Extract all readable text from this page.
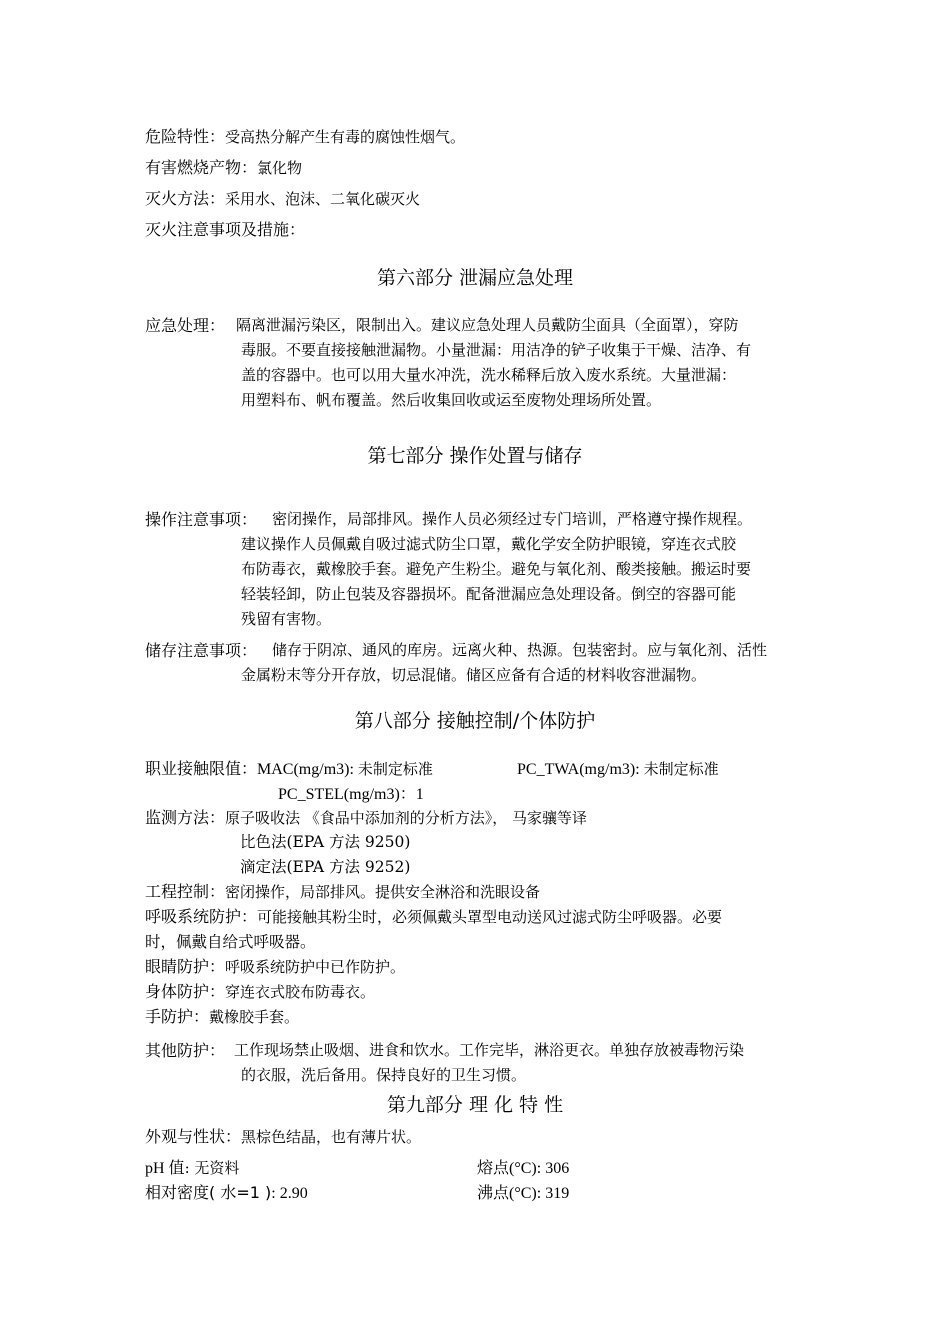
危险特性：受高热分解产生有毒的腐蚀性烟气。
有害燃烧产物：氯化物
灭火方法：采用水、泡沫、二氧化碳灭火
灭火注意事项及措施：
第六部分 泄漏应急处理
应急处理： 隔离泄漏污染区，限制出入。建议应急处理人员戴防尘面具（全面罩），穿防
毒服。不要直接接触泄漏物。小量泄漏：用洁净的铲子收集于干燥、洁净、有
盖的容器中。也可以用大量水冲洗，洗水稀释后放入废水系统。大量泄漏：
用塑料布、帆布覆盖。然后收集回收或运至废物处理场所处置。
第七部分 操作处置与储存
操作注意事项： 密闭操作，局部排风。操作人员必须经过专门培训，严格遵守操作规程。
建议操作人员佩戴自吸过滤式防尘口罩，戴化学安全防护眼镜，穿连衣式胶
布防毒衣，戴橡胶手套。避免产生粉尘。避免与氧化剂、酸类接触。搬运时要
轻装轻卸，防止包装及容器损坏。配备泄漏应急处理设备。倒空的容器可能
残留有害物。
储存注意事项： 储存于阴凉、通风的库房。远离火种、热源。包装密封。应与氧化剂、活性
金属粉末等分开存放，切忌混储。储区应备有合适的材料收容泄漏物。
第八部分 接触控制/个体防护
职业接触限值：MAC(mg/m3): 未制定标准	PC_TWA(mg/m3): 未制定标准
PC_STEL(mg/m3)：1
监测方法：原子吸收法 《食品中添加剂的分析方法》， 马家骧等译
比色法(EPA 方法 9250)
滴定法(EPA 方法 9252)
工程控制：密闭操作，局部排风。提供安全淋浴和洗眼设备
呼吸系统防护：可能接触其粉尘时，必须佩戴头罩型电动送风过滤式防尘呼吸器。必要
时，佩戴自给式呼吸器。
眼睛防护：呼吸系统防护中已作防护。
身体防护：穿连衣式胶布防毒衣。
手防护：戴橡胶手套。
其他防护： 工作现场禁止吸烟、进食和饮水。工作完毕，淋浴更衣。单独存放被毒物污染
的衣服，洗后备用。保持良好的卫生习惯。
第九部分 理 化 特 性
外观与性状：黑棕色结晶，也有薄片状。
pH 值: 无资料	熔点(°C): 306
相对密度( 水=1 ): 2.90	沸点(°C): 319
